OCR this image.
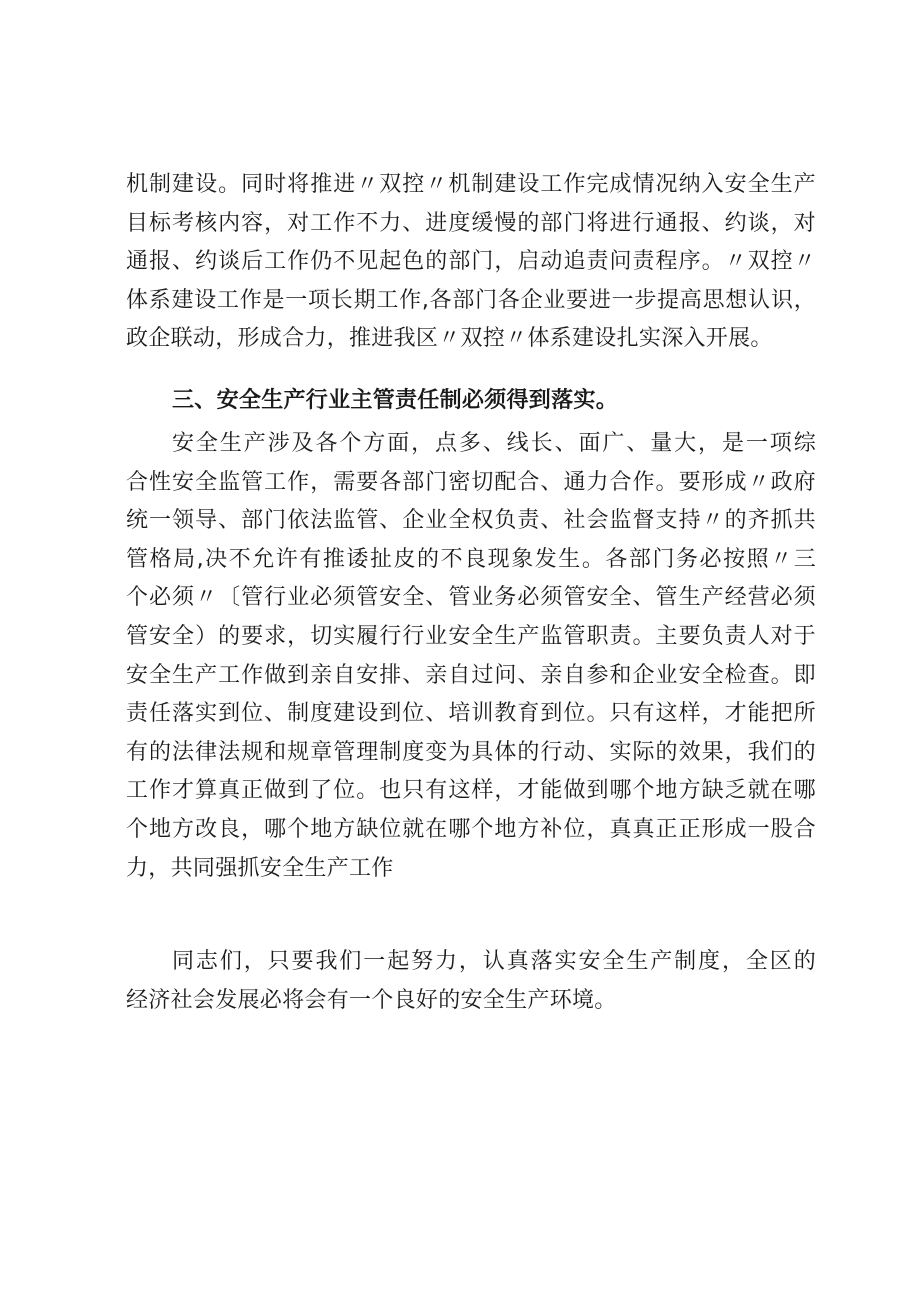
机制建设。同时将推进〃双控〃机制建设工作完成情况纳入安全生产
目标考核内容，对工作不力、进度缓慢的部门将进行通报、约谈，对
通报、约谈后工作仍不见起色的部门，启动追责问责程序。〃双控〃
体系建设工作是一项长期工作,各部门各企业要进一步提高思想认识，
政企联动，形成合力，推进我区〃双控〃体系建设扎实深入开展。
三、安全生产行业主管责任制必须得到落实。
安全生产涉及各个方面，点多、线长、面广、量大，是一项综
合性安全监管工作，需要各部门密切配合、通力合作。要形成〃政府
统一领导、部门依法监管、企业全权负责、社会监督支持〃的齐抓共
管格局,决不允许有推诿扯皮的不良现象发生。各部门务必按照〃三
个必须〃〔管行业必须管安全、管业务必须管安全、管生产经营必须
管安全）的要求，切实履行行业安全生产监管职责。主要负责人对于
安全生产工作做到亲自安排、亲自过问、亲自参和企业安全检查。即
责任落实到位、制度建设到位、培训教育到位。只有这样，才能把所
有的法律法规和规章管理制度变为具体的行动、实际的效果，我们的
工作才算真正做到了位。也只有这样，才能做到哪个地方缺乏就在哪
个地方改良，哪个地方缺位就在哪个地方补位，真真正正形成一股合
力，共同强抓安全生产工作
同志们，只要我们一起努力，认真落实安全生产制度，全区的
经济社会发展必将会有一个良好的安全生产环境。
